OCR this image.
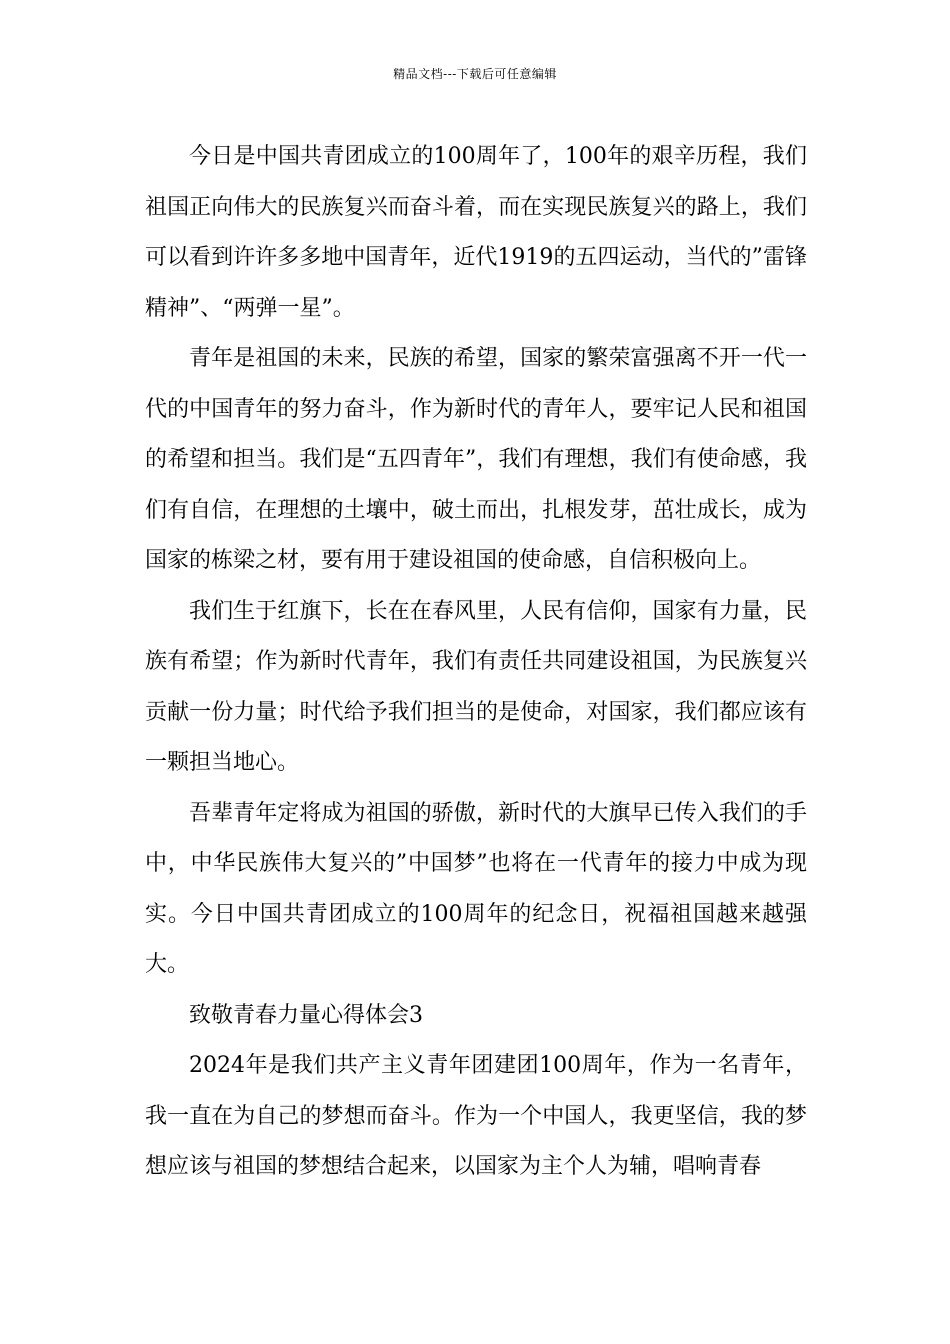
精品文档---下载后可任意编辑

今日是中国共青团成立的100周年了，100年的艰辛历程，我们祖国正向伟大的民族复兴而奋斗着，而在实现民族复兴的路上，我们可以看到许许多多地中国青年，近代1919的五四运动，当代的”雷锋精神”、“两弹一星”。

青年是祖国的未来，民族的希望，国家的繁荣富强离不开一代一代的中国青年的努力奋斗，作为新时代的青年人，要牢记人民和祖国的希望和担当。我们是“五四青年”，我们有理想，我们有使命感，我们有自信，在理想的土壤中，破土而出，扎根发芽，茁壮成长，成为国家的栋梁之材，要有用于建设祖国的使命感，自信积极向上。

我们生于红旗下，长在在春风里，人民有信仰，国家有力量，民族有希望；作为新时代青年，我们有责任共同建设祖国，为民族复兴贡献一份力量；时代给予我们担当的是使命，对国家，我们都应该有一颗担当地心。

吾辈青年定将成为祖国的骄傲，新时代的大旗早已传入我们的手中，中华民族伟大复兴的”中国梦”也将在一代青年的接力中成为现实。今日中国共青团成立的100周年的纪念日，祝福祖国越来越强大。

致敬青春力量心得体会3

2024年是我们共产主义青年团建团100周年，作为一名青年，我一直在为自己的梦想而奋斗。作为一个中国人，我更坚信，我的梦想应该与祖国的梦想结合起来，以国家为主个人为辅，唱响青春
